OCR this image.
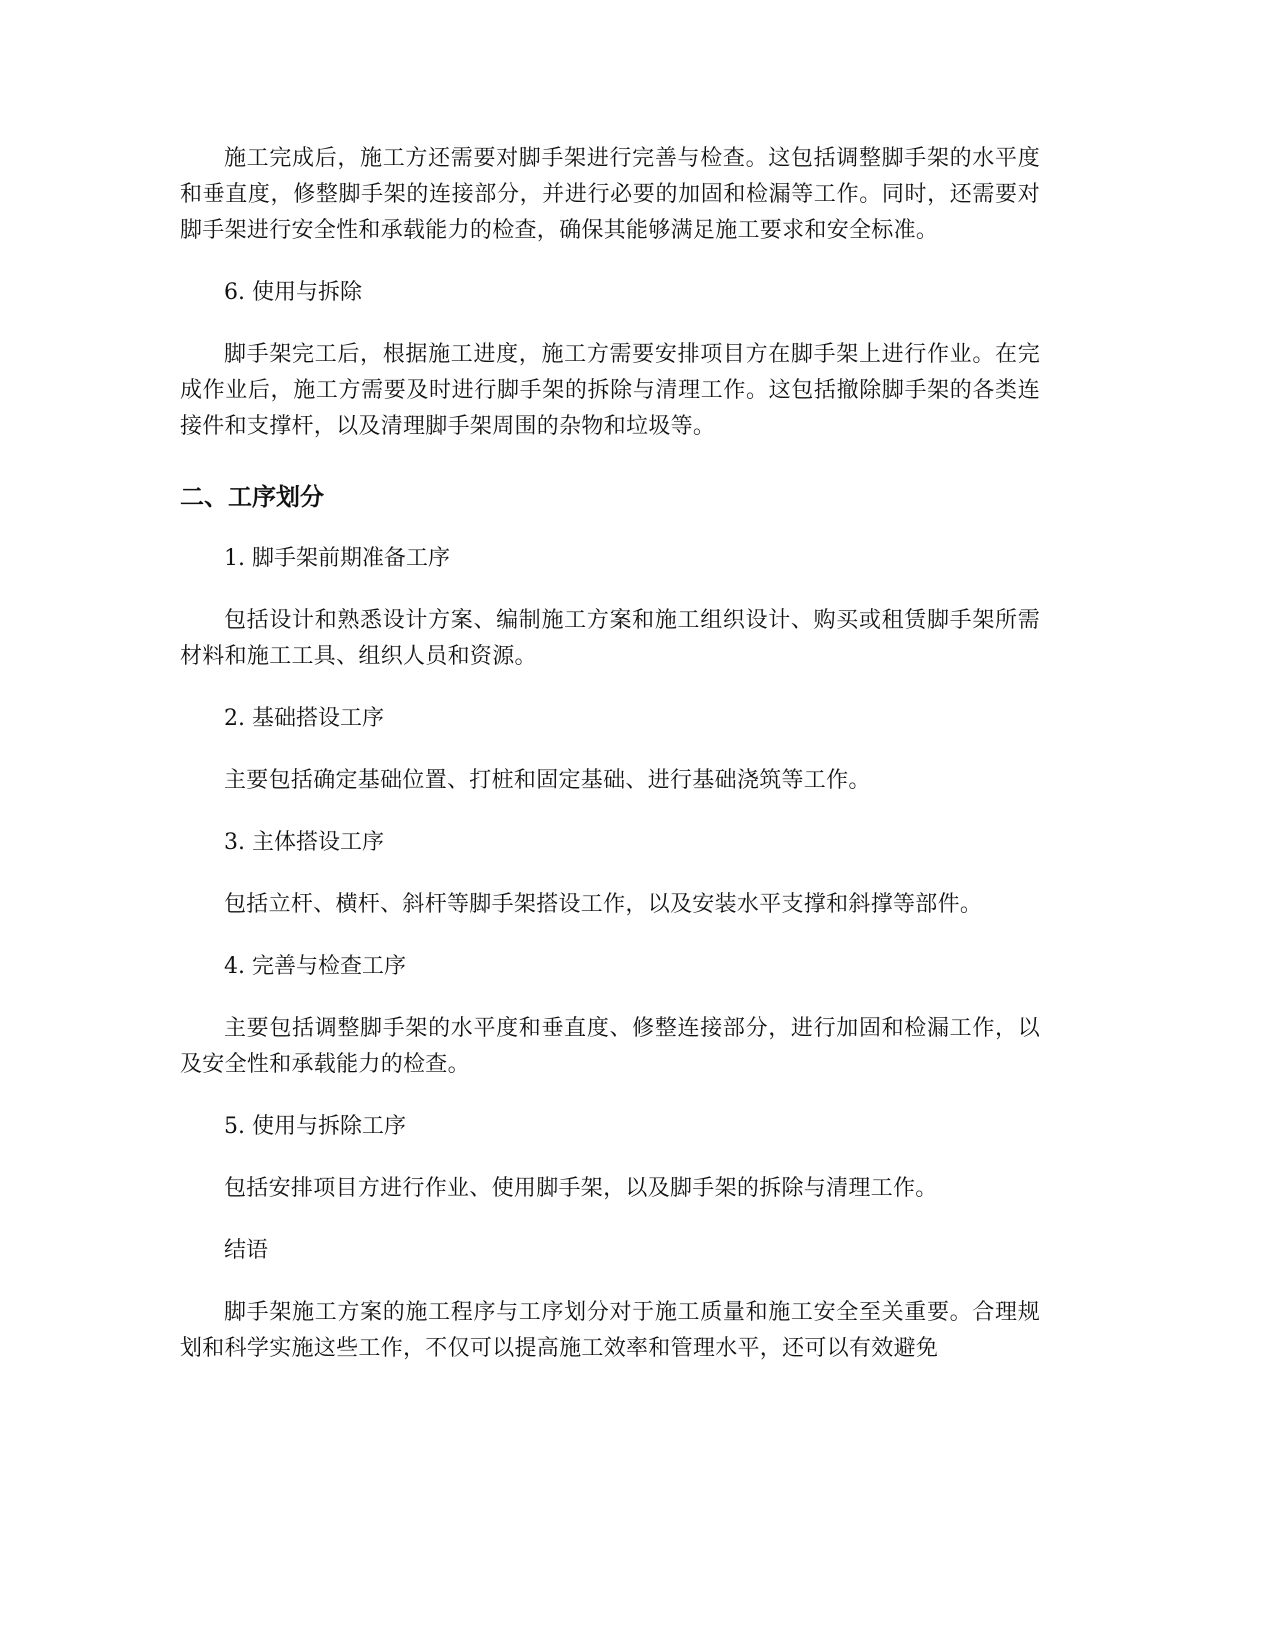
施工完成后，施工方还需要对脚手架进行完善与检查。这包括调整脚手架的水平度和垂直度，修整脚手架的连接部分，并进行必要的加固和检漏等工作。同时，还需要对脚手架进行安全性和承载能力的检查，确保其能够满足施工要求和安全标准。

6. 使用与拆除

脚手架完工后，根据施工进度，施工方需要安排项目方在脚手架上进行作业。在完成作业后，施工方需要及时进行脚手架的拆除与清理工作。这包括撤除脚手架的各类连接件和支撑杆，以及清理脚手架周围的杂物和垃圾等。

二、工序划分

1. 脚手架前期准备工序

包括设计和熟悉设计方案、编制施工方案和施工组织设计、购买或租赁脚手架所需材料和施工工具、组织人员和资源。

2. 基础搭设工序

主要包括确定基础位置、打桩和固定基础、进行基础浇筑等工作。

3. 主体搭设工序

包括立杆、横杆、斜杆等脚手架搭设工作，以及安装水平支撑和斜撑等部件。

4. 完善与检查工序

主要包括调整脚手架的水平度和垂直度、修整连接部分，进行加固和检漏工作，以及安全性和承载能力的检查。

5. 使用与拆除工序

包括安排项目方进行作业、使用脚手架，以及脚手架的拆除与清理工作。

结语

脚手架施工方案的施工程序与工序划分对于施工质量和施工安全至关重要。合理规划和科学实施这些工作，不仅可以提高施工效率和管理水平，还可以有效避免
